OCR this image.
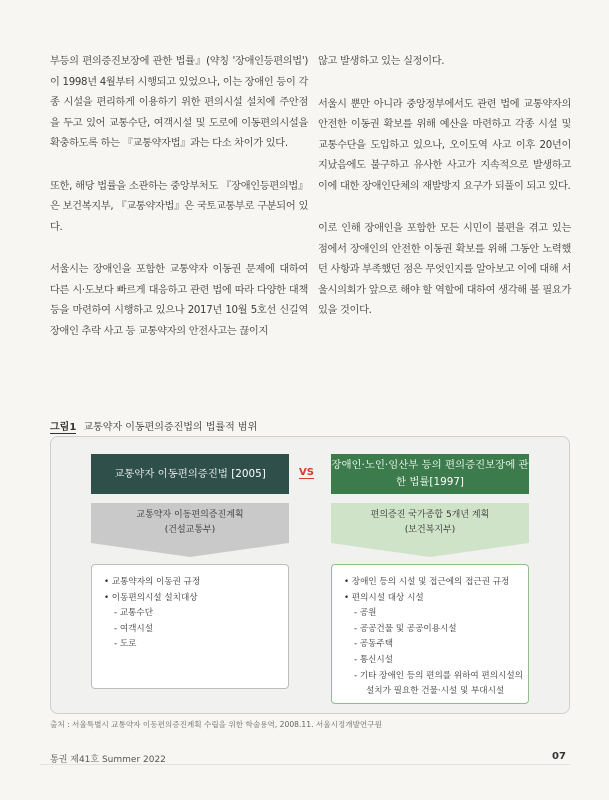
부등의 편의증진보장에 관한 법률』(약칭 '장애인등편의법') 이 1998년 4월부터 시행되고 있었으나, 이는 장애인 등이 각종 시설을 편리하게 이용하기 위한 편의시설 설치에 주안점을 두고 있어 교통수단, 여객시설 및 도로에 이동편의시설을 확충하도록 하는 『교통약자법』과는 다소 차이가 있다.

또한, 해당 법률을 소관하는 중앙부처도 『장애인등편의법』은 보건복지부, 『교통약자법』은 국토교통부로 구분되어 있다.

서울시는 장애인을 포함한 교통약자 이동권 문제에 대하여 다른 시·도보다 빠르게 대응하고 관련 법에 따라 다양한 대책 등을 마련하여 시행하고 있으나 2017년 10월 5호선 신길역 장애인 추락 사고 등 교통약자의 안전사고는 끊이지

않고 발생하고 있는 실정이다.

서울시 뿐만 아니라 중앙정부에서도 관련 법에 교통약자의 안전한 이동권 확보를 위해 예산을 마련하고 각종 시설 및 교통수단을 도입하고 있으나, 오이도역 사고 이후 20년이 지났음에도 불구하고 유사한 사고가 지속적으로 발생하고 이에 대한 장애인단체의 재발방지 요구가 되풀이 되고 있다.

이로 인해 장애인을 포함한 모든 시민이 불편을 겪고 있는 점에서 장애인의 안전한 이동권 확보를 위해 그동안 노력했던 사항과 부족했던 점은 무엇인지를 알아보고 이에 대해 서울시의회가 앞으로 해야 할 역할에 대하여 생각해 볼 필요가 있을 것이다.

그림1 교통약자 이동편의증진법의 법률적 범위
교통약자 이동편의증진법 [2005]	VS
장애인·노인·임산부 등의 편의증진보장에 관한 법률[1997]
교통약자 이동편의증진계획
(건설교통부)
편의증진 국가종합 5개년 계획
(보건복지부)
• 교통약자의 이동권 규정
• 이동편의시설 설치대상
- 교통수단
- 여객시설
- 도로
• 장애인 등의 시설 및 접근에의 접근권 규정
• 편의시설 대상 시설
- 공원
- 공공건물 및 공공이용시설
- 공동주택
- 통신시설
- 기타 장애인 등의 편의를 위하여 편의시설의
설치가 필요한 건물·시설 및 부대시설
출처 : 서울특별시 교통약자 이동편의증진계획 수립을 위한 학술용역, 2008.11. 서울시정개발연구원
통권 제41호 Summer 2022	07
